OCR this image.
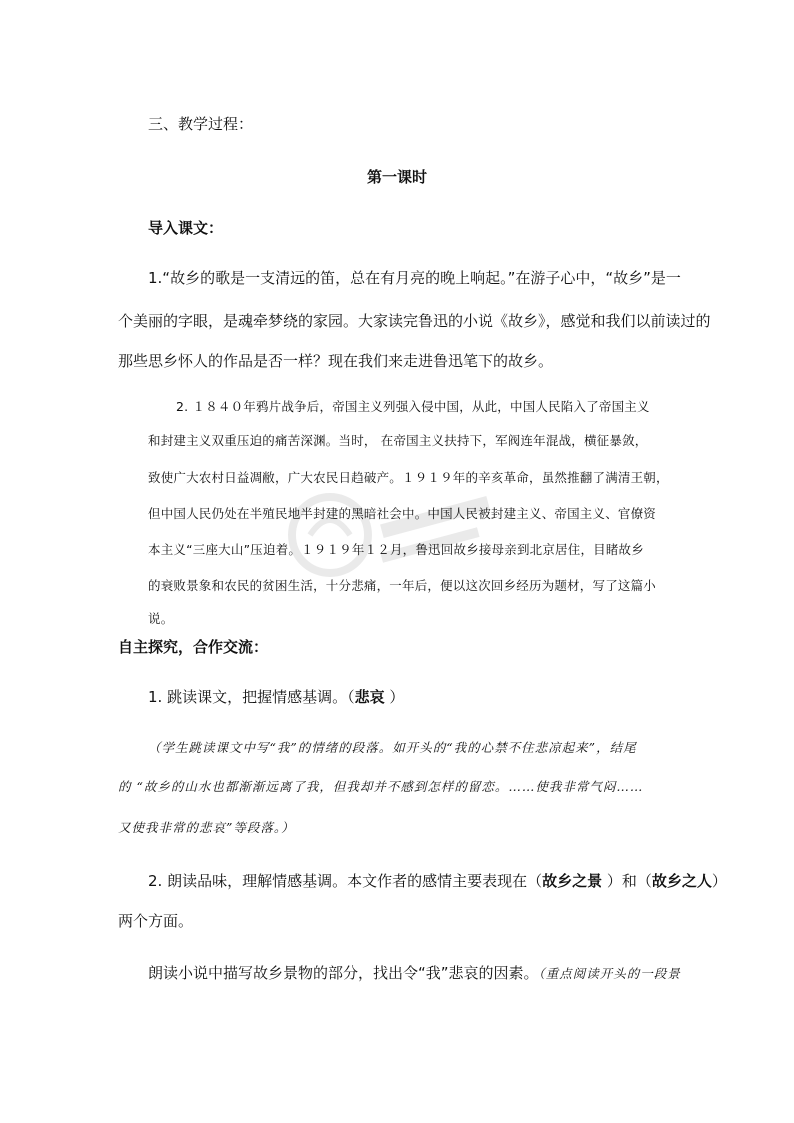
三、教学过程：

第一课时

导入课文：

1.“故乡的歌是一支清远的笛，总在有月亮的晚上响起。”在游子心中，“故乡”是一

个美丽的字眼，是魂牵梦绕的家园。大家读完鲁迅的小说《故乡》，感觉和我们以前读过的

那些思乡怀人的作品是否一样？现在我们来走进鲁迅笔下的故乡。

2. １８４０年鸦片战争后，帝国主义列强入侵中国，从此，中国人民陷入了帝国主义

和封建主义双重压迫的痛苦深渊。当时， 在帝国主义扶持下，军阀连年混战，横征暴敛，

致使广大农村日益凋敝，广大农民日趋破产。１９１９年的辛亥革命，虽然推翻了满清王朝，

但中国人民仍处在半殖民地半封建的黑暗社会中。中国人民被封建主义、帝国主义、官僚资

本主义“三座大山”压迫着。１９１９年１２月，鲁迅回故乡接母亲到北京居住，目睹故乡

的衰败景象和农民的贫困生活，十分悲痛，一年后，便以这次回乡经历为题材，写了这篇小

说。

自主探究，合作交流：

1. 跳读课文，把握情感基调。（悲哀 ）

（学生跳读课文中写“我”的情绪的段落。如开头的“我的心禁不住悲凉起来”，结尾

的 “故乡的山水也都渐渐远离了我，但我却并不感到怎样的留恋。……使我非常气闷……

又使我非常的悲哀”等段落。）

2. 朗读品味，理解情感基调。本文作者的感情主要表现在（故乡之景 ）和（故乡之人）

两个方面。

朗读小说中描写故乡景物的部分，找出令“我”悲哀的因素。（重点阅读开头的一段景
